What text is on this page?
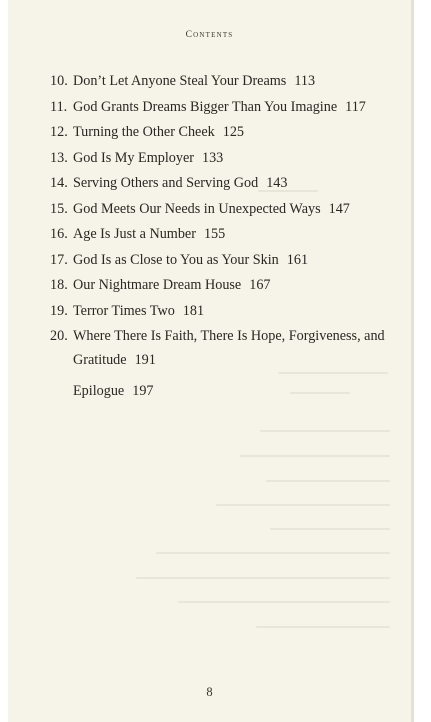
Contents
10. Don’t Let Anyone Steal Your Dreams 113
11. God Grants Dreams Bigger Than You Imagine 117
12. Turning the Other Cheek 125
13. God Is My Employer 133
14. Serving Others and Serving God 143
15. God Meets Our Needs in Unexpected Ways 147
16. Age Is Just a Number 155
17. God Is as Close to You as Your Skin 161
18. Our Nightmare Dream House 167
19. Terror Times Two 181
20. Where There Is Faith, There Is Hope, Forgiveness, and Gratitude 191
Epilogue 197
8
